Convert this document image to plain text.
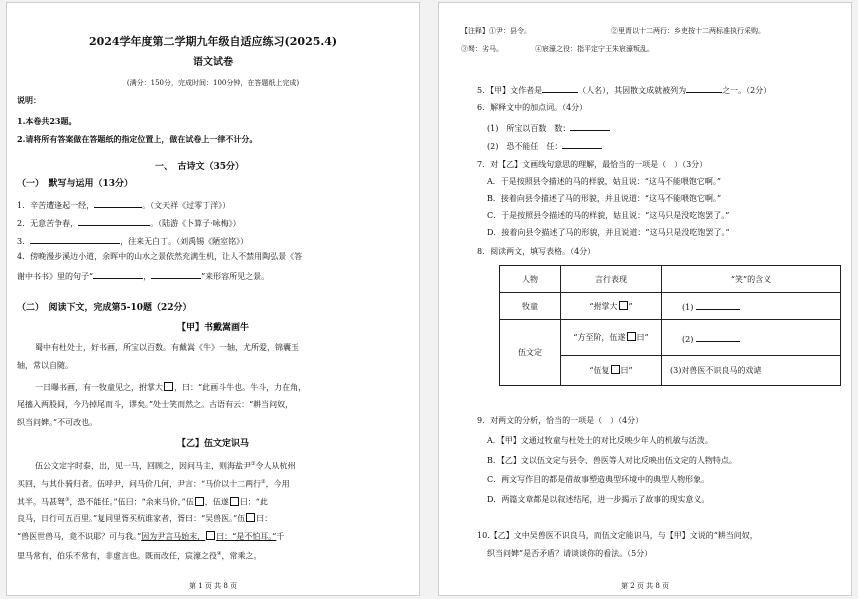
2024学年度第二学期九年级自适应练习(2025.4)
语文试卷
(满分：150分，完成时间：100分钟，在答题纸上完成)
说明：
1.本卷共23题。
2.请将所有答案做在答题纸的指定位置上，做在试卷上一律不计分。
一、　古诗文（35分）
（一）　默写与运用（13分）
1．辛苦遭逢起一经，	。（文天祥《过零丁洋》）
2．无意苦争春，	。（陆游《卜算子·咏梅》）
3．	，往来无白丁。（刘禹锡《陋室铭》）
4．傍晚漫步溪边小道，余晖中的山水之景依然充满生机，让人不禁用陶弘景《答
谢中书书》里的句子“	，	”来形容所见之景。
（二）　阅读下文，完成第5-10题（22分）
【甲】书戴嵩画牛
蜀中有杜处士，好书画，所宝以百数。有戴嵩《牛》一轴，尤所爱，锦囊玉
轴，常以自随。
一日曝书画，有一牧童见之，拊掌大 ，曰：“此画斗牛也。牛斗，力在角，
尾搐入两股间，今乃掉尾而斗，谬矣。”处士笑而然之。古语有云：“耕当问奴，
织当问婢。”不可改也。
【乙】伍文定识马
伍公文定字时泰，出，见一马，回顾之，因问马主，则海盐尹①令人从杭州
买回，与其仆骑归者。伍呼尹，问马价几何，尹言：“马价以十二两行②，今用
其半。马甚驽③，恐不能任。”伍曰：“余来马价，”伍 ，伍遂 曰：“此
良马，日行可五百里。”复同里胥买杭谁家者，胥曰：“吴兽医。”伍 曰：
“兽医世兽马，竟不识耶？可与我。”因为尹言马始末， 曰：“是不怕耳。”千
里马常有，伯乐不常有，非虚言也。既而改任，宸濠之役④，常乘之。
第 1 页 共 8 页
【注释】①尹：县令。	②里胥以十二两行：乡吏按十二两标准执行采购。
③驽：劣马。	④宸濠之役：指平定宁王朱宸濠叛乱。
5．【甲】文作者是	（人名），其因散文成就被列为	之一。（2分）
6．解释文中的加点词。（4分）
(1)　所宝以百数　 数：
(2)　恐不能任　 任：
7．对【乙】文画线句意思的理解，最恰当的一项是（　）（3分）
A．于是按照县令描述的马的样貌，姑且说：“这马不能喂饱它啊。”
B．接着向县令描述了马的形貌，并且说道：“这马不能喂饱它啊。”
C．于是按照县令描述的马的样貌，姑且说：“这马只是没吃饱罢了。”
D．接着向县令描述了马的形貌，并且说道：“这马只是没吃饱罢了。”
8．阅读两文，填写表格。（4分）
人物	言行表现	“笑”的含义
牧童	“拊掌大 ”	(1)
伍文定	“方至阶，伍遂 曰”	(2)
	“伍复 曰”	(3)对兽医不识良马的戏谑
9．对两文的分析，恰当的一项是（　）（4分）
A．【甲】文通过牧童与杜处士的对比反映少年人的机敏与活泼。
B．【乙】文以伍文定与县令、兽医等人对比反映出伍文定的人物特点。
C．两文写作目的都是借故事塑造典型环境中的典型人物形象。
D．两篇文章都是以叙述结尾，进一步揭示了故事的现实意义。
10.【乙】文中吴兽医不识良马，而伍文定能识马，与【甲】文说的“耕当问奴，
织当问婢”是否矛盾？请谈谈你的看法。（5分）
第 2 页 共 8 页
